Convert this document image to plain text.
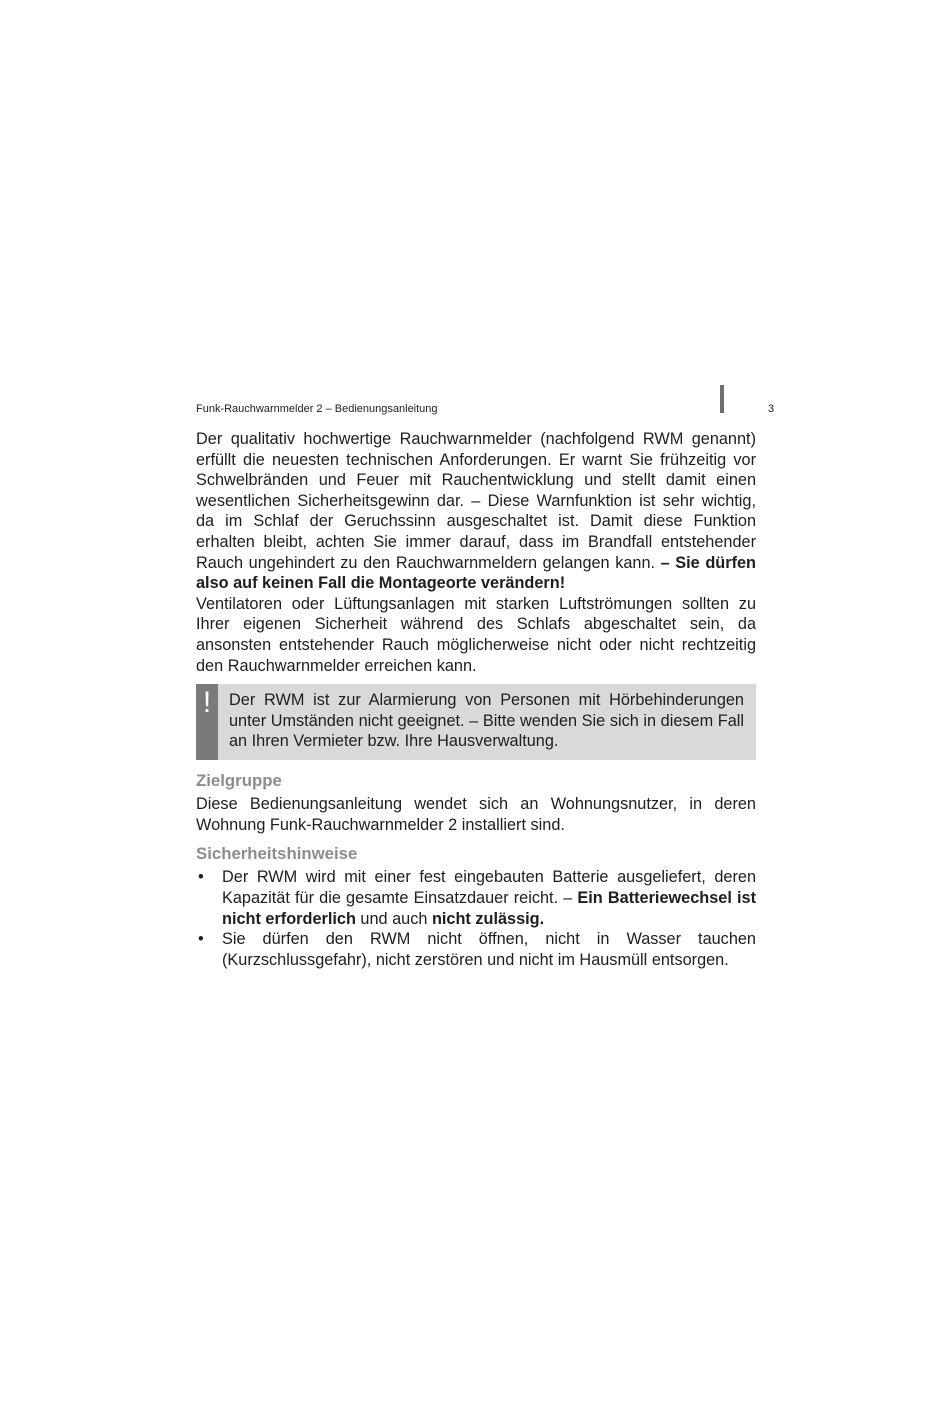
Funk-Rauchwarnmelder 2 – Bedienungsanleitung	3

Der qualitativ hochwertige Rauchwarnmelder (nachfolgend RWM genannt) erfüllt die neuesten technischen Anforderungen. Er warnt Sie frühzeitig vor Schwelbränden und Feuer mit Rauchentwicklung und stellt damit einen wesentlichen Sicherheitsgewinn dar. – Diese Warnfunktion ist sehr wichtig, da im Schlaf der Geruchssinn ausgeschaltet ist. Damit diese Funktion erhalten bleibt, achten Sie immer darauf, dass im Brandfall entstehender Rauch ungehindert zu den Rauchwarnmeldern gelangen kann. – Sie dürfen also auf keinen Fall die Montageorte verändern!
Ventilatoren oder Lüftungsanlagen mit starken Luftströmungen sollten zu Ihrer eigenen Sicherheit während des Schlafs abgeschaltet sein, da ansonsten entstehender Rauch möglicherweise nicht oder nicht rechtzeitig den Rauchwarnmelder erreichen kann.

!	Der RWM ist zur Alarmierung von Personen mit Hörbehinderungen unter Umständen nicht geeignet. – Bitte wenden Sie sich in diesem Fall an Ihren Vermieter bzw. Ihre Hausverwaltung.

Zielgruppe

Diese Bedienungsanleitung wendet sich an Wohnungsnutzer, in deren Wohnung Funk-Rauchwarnmelder 2 installiert sind.

Sicherheitshinweise
• Der RWM wird mit einer fest eingebauten Batterie ausgeliefert, deren Kapazität für die gesamte Einsatzdauer reicht. – Ein Batteriewechsel ist nicht erforderlich und auch nicht zulässig.
• Sie dürfen den RWM nicht öffnen, nicht in Wasser tauchen (Kurzschlussgefahr), nicht zerstören und nicht im Hausmüll entsorgen.
